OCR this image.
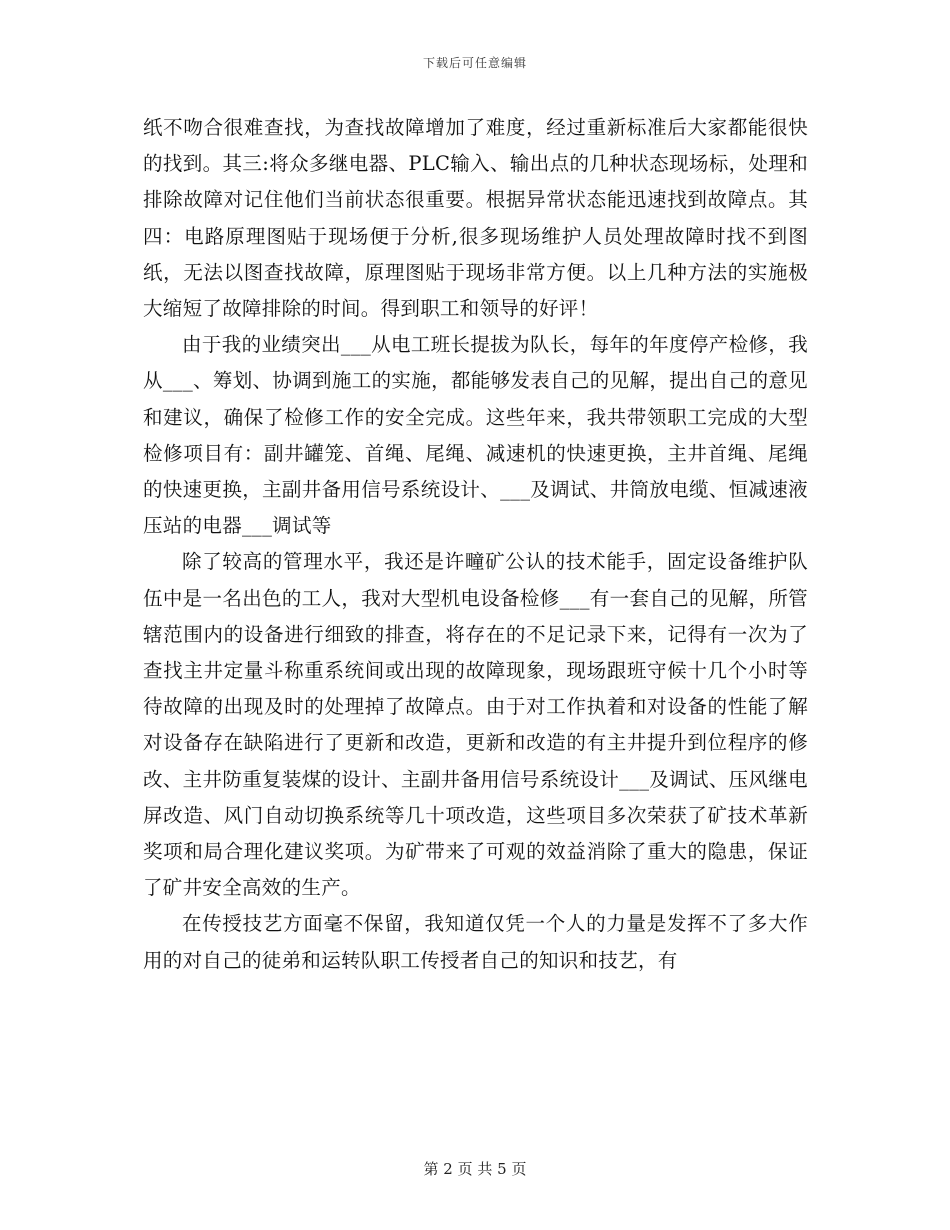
下载后可任意编辑

纸不吻合很难查找，为查找故障增加了难度，经过重新标准后大家都能很快的找到。其三:将众多继电器、PLC输入、输出点的几种状态现场标，处理和排除故障对记住他们当前状态很重要。根据异常状态能迅速找到故障点。其四：电路原理图贴于现场便于分析,很多现场维护人员处理故障时找不到图纸，无法以图查找故障，原理图贴于现场非常方便。以上几种方法的实施极大缩短了故障排除的时间。得到职工和领导的好评！

由于我的业绩突出___从电工班长提拔为队长，每年的年度停产检修，我从___、筹划、协调到施工的实施，都能够发表自己的见解，提出自己的意见和建议，确保了检修工作的安全完成。这些年来，我共带领职工完成的大型检修项目有：副井罐笼、首绳、尾绳、减速机的快速更换，主井首绳、尾绳的快速更换，主副井备用信号系统设计、___及调试、井筒放电缆、恒减速液压站的电器___调试等

除了较高的管理水平，我还是许疃矿公认的技术能手，固定设备维护队伍中是一名出色的工人，我对大型机电设备检修___有一套自己的见解，所管辖范围内的设备进行细致的排查，将存在的不足记录下来，记得有一次为了查找主井定量斗称重系统间或出现的故障现象，现场跟班守候十几个小时等待故障的出现及时的处理掉了故障点。由于对工作执着和对设备的性能了解对设备存在缺陷进行了更新和改造，更新和改造的有主井提升到位程序的修改、主井防重复装煤的设计、主副井备用信号系统设计___及调试、压风继电屏改造、风门自动切换系统等几十项改造，这些项目多次荣获了矿技术革新奖项和局合理化建议奖项。为矿带来了可观的效益消除了重大的隐患，保证了矿井安全高效的生产。

在传授技艺方面毫不保留，我知道仅凭一个人的力量是发挥不了多大作用的对自己的徒弟和运转队职工传授者自己的知识和技艺，有

第 2 页 共 5 页
